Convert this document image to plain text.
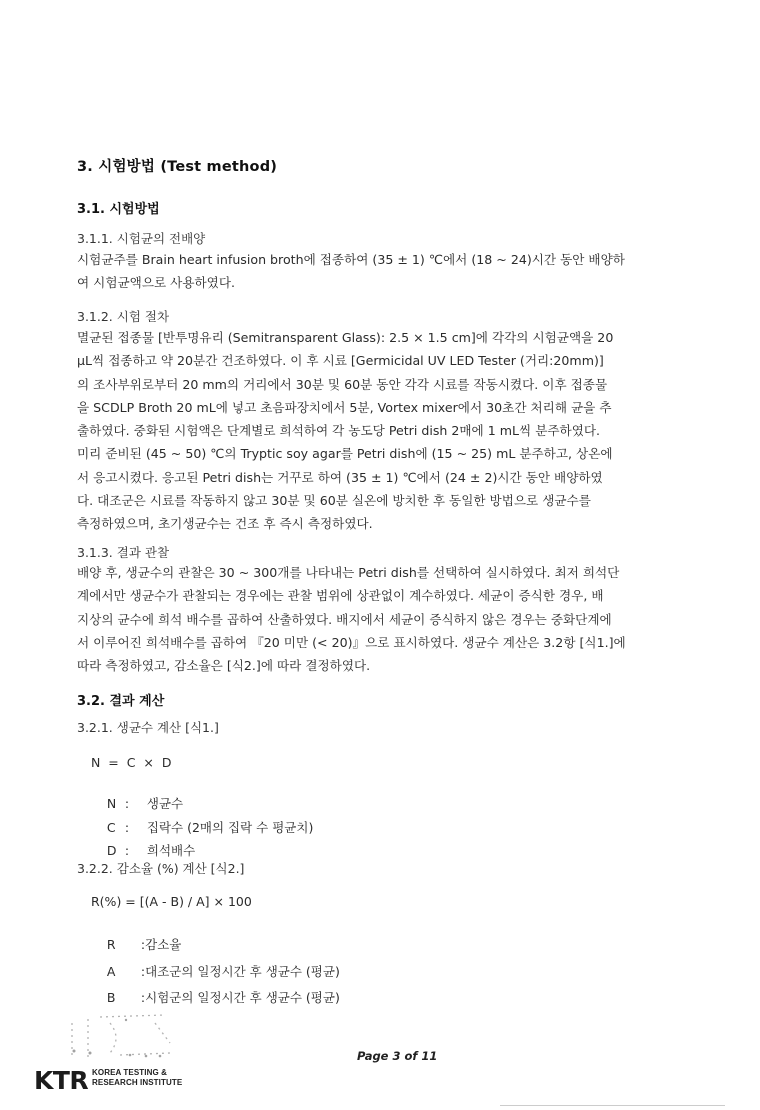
3. 시험방법 (Test method)
3.1. 시험방법
3.1.1. 시험균의 전배양
시험균주를 Brain heart infusion broth에 접종하여 (35 ± 1) ℃에서 (18 ~ 24)시간 동안 배양하
여 시험균액으로 사용하였다.
3.1.2. 시험 절차
멸균된 접종물 [반투명유리 (Semitransparent Glass): 2.5 × 1.5 cm]에 각각의 시험균액을 20
μL씩 접종하고 약 20분간 건조하였다. 이 후 시료 [Germicidal UV LED Tester (거리:20mm)]
의 조사부위로부터 20 mm의 거리에서 30분 및 60분 동안 각각 시료를 작동시켰다. 이후 접종물
을 SCDLP Broth 20 mL에 넣고 초음파장치에서 5분, Vortex mixer에서 30초간 처리해 균을 추
출하였다. 중화된 시험액은 단계별로 희석하여 각 농도당 Petri dish 2매에 1 mL씩 분주하였다.
미리 준비된 (45 ~ 50) ℃의 Tryptic soy agar를 Petri dish에 (15 ~ 25) mL 분주하고, 상온에
서 응고시켰다. 응고된 Petri dish는 거꾸로 하여 (35 ± 1) ℃에서 (24 ± 2)시간 동안 배양하였
다. 대조군은 시료를 작동하지 않고 30분 및 60분 실온에 방치한 후 동일한 방법으로 생균수를
측정하였으며, 초기생균수는 건조 후 즉시 측정하였다.
3.1.3. 결과 관찰
배양 후, 생균수의 관찰은 30 ~ 300개를 나타내는 Petri dish를 선택하여 실시하였다. 최저 희석단
계에서만 생균수가 관찰되는 경우에는 관찰 범위에 상관없이 계수하였다. 세균이 증식한 경우, 배
지상의 균수에 희석 배수를 곱하여 산출하였다. 배지에서 세균이 증식하지 않은 경우는 중화단계에
서 이루어진 희석배수를 곱하여 『20 미만 (< 20)』으로 표시하였다. 생균수 계산은 3.2항 [식1.]에
따라 측정하였고, 감소율은 [식2.]에 따라 결정하였다.
3.2. 결과 계산
3.2.1. 생균수 계산 [식1.]
N  =  C  ×  D

N : 생균수

C : 집락수 (2매의 집락 수 평균치)

D : 희석배수

3.2.2. 감소율 (%) 계산 [식2.]
R(%) = [(A - B) / A] × 100

R :감소율

A :대조군의 일정시간 후 생균수 (평균)

B :시험군의 일정시간 후 생균수 (평균)

Page 3 of 11
KTR KOREA TESTING &
RESEARCH INSTITUTE
